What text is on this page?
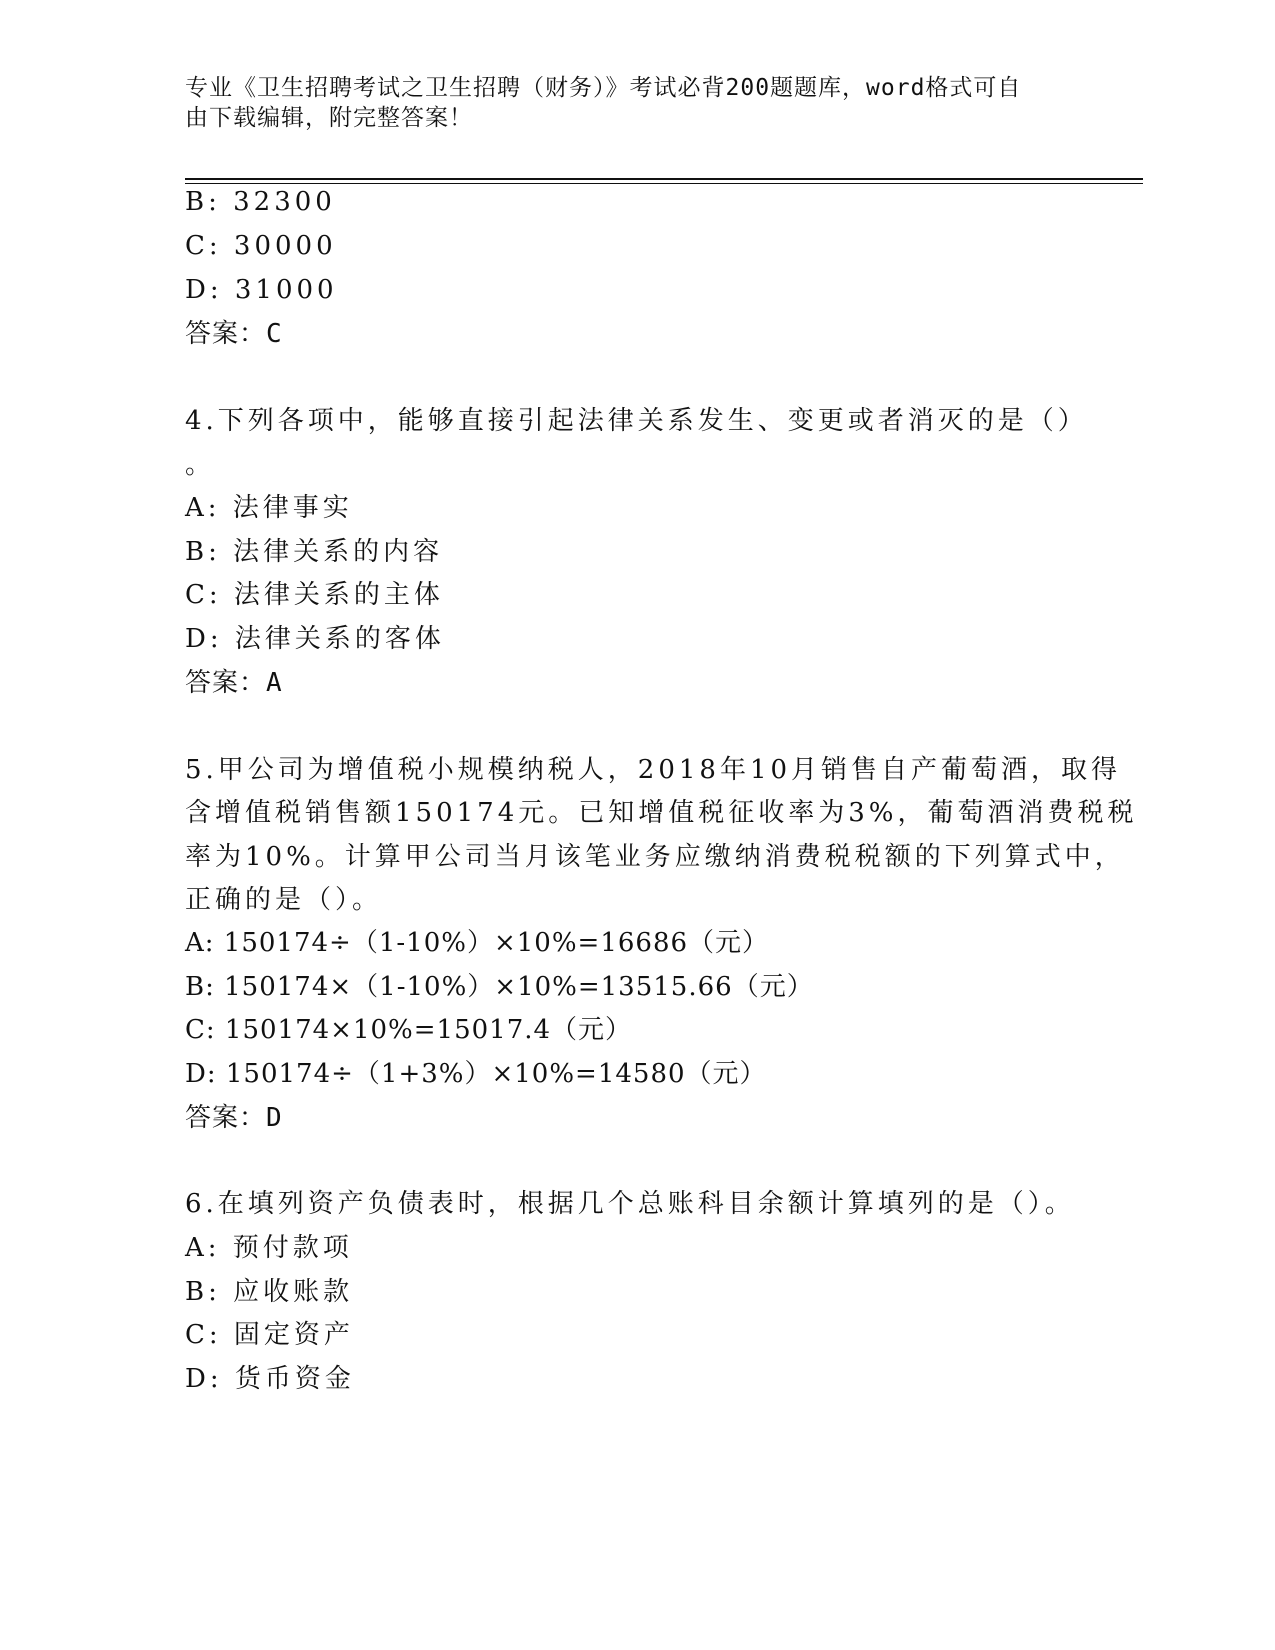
专业《卫生招聘考试之卫生招聘（财务）》考试必背200题题库，word格式可自
由下载编辑，附完整答案！
B: 32300
C: 30000
D: 31000
答案：C
4.下列各项中，能够直接引起法律关系发生、变更或者消灭的是（）
。
A: 法律事实
B: 法律关系的内容
C: 法律关系的主体
D: 法律关系的客体
答案：A
5.甲公司为增值税小规模纳税人，2018年10月销售自产葡萄酒，取得
含增值税销售额150174元。已知增值税征收率为3%，葡萄酒消费税税
率为10%。计算甲公司当月该笔业务应缴纳消费税税额的下列算式中，
正确的是（）。
A: 150174÷（1-10%）×10%=16686（元）
B: 150174×（1-10%）×10%=13515.66（元）
C: 150174×10%=15017.4（元）
D: 150174÷（1+3%）×10%=14580（元）
答案：D
6.在填列资产负债表时，根据几个总账科目余额计算填列的是（）。
A: 预付款项
B: 应收账款
C: 固定资产
D: 货币资金
